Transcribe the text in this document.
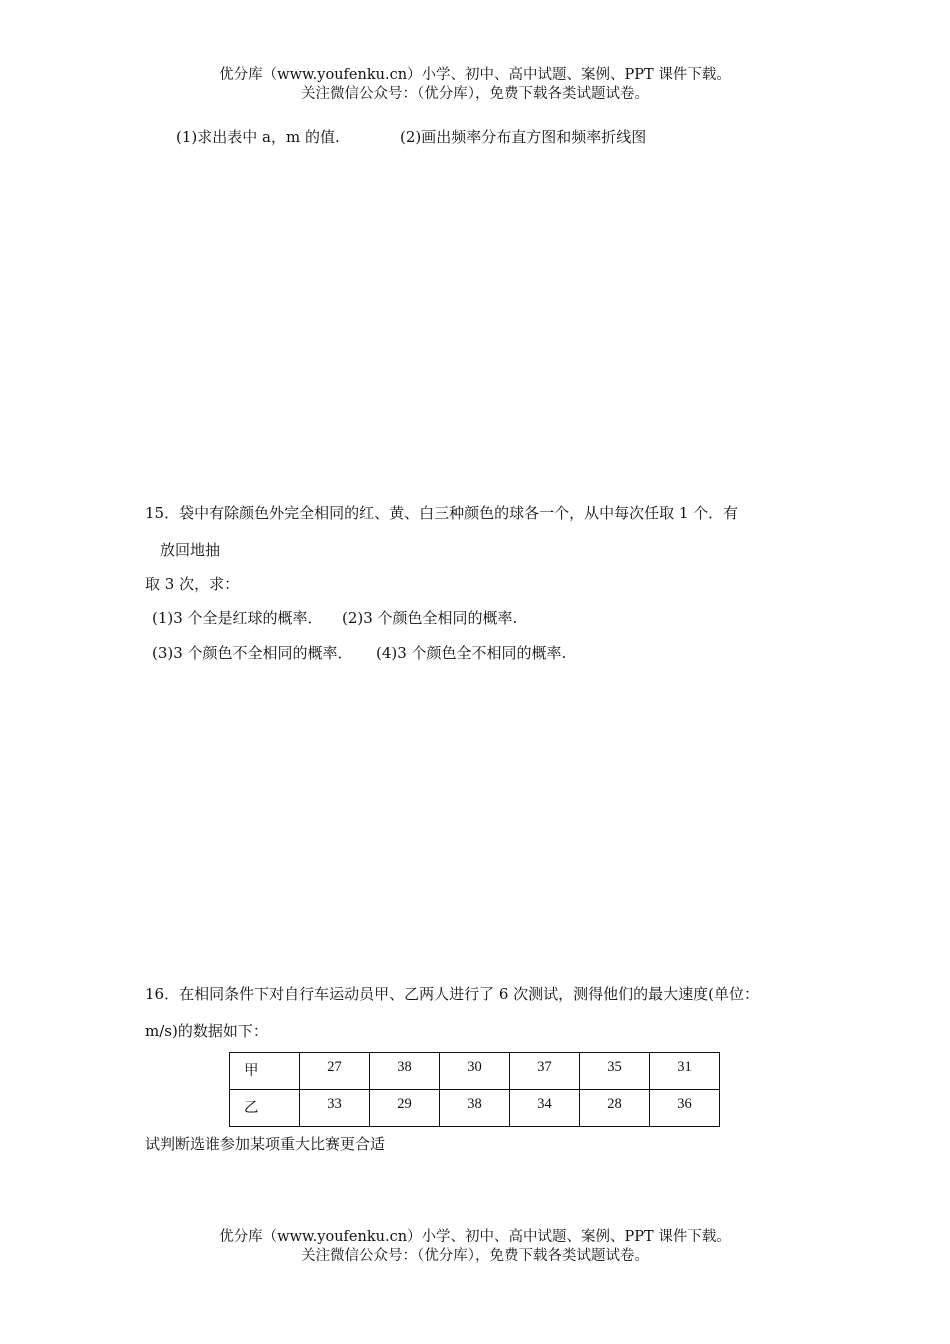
优分库（www.youfenku.cn）小学、初中、高中试题、案例、PPT 课件下载。
关注微信公众号：（优分库），免费下载各类试题试卷。
(1)求出表中 a，m 的值.	(2)画出频率分布直方图和频率折线图
15．袋中有除颜色外完全相同的红、黄、白三种颜色的球各一个，从中每次任取 1 个．有
放回地抽
取 3 次，求：
(1)3 个全是红球的概率． (2)3 个颜色全相同的概率.
(3)3 个颜色不全相同的概率． (4)3 个颜色全不相同的概率.
16．在相同条件下对自行车运动员甲、乙两人进行了 6 次测试，测得他们的最大速度(单位：
m/s)的数据如下：
甲	27	38	30	37	35	31
乙	33	29	38	34	28	36
试判断选谁参加某项重大比赛更合适
优分库（www.youfenku.cn）小学、初中、高中试题、案例、PPT 课件下载。
关注微信公众号：（优分库），免费下载各类试题试卷。
